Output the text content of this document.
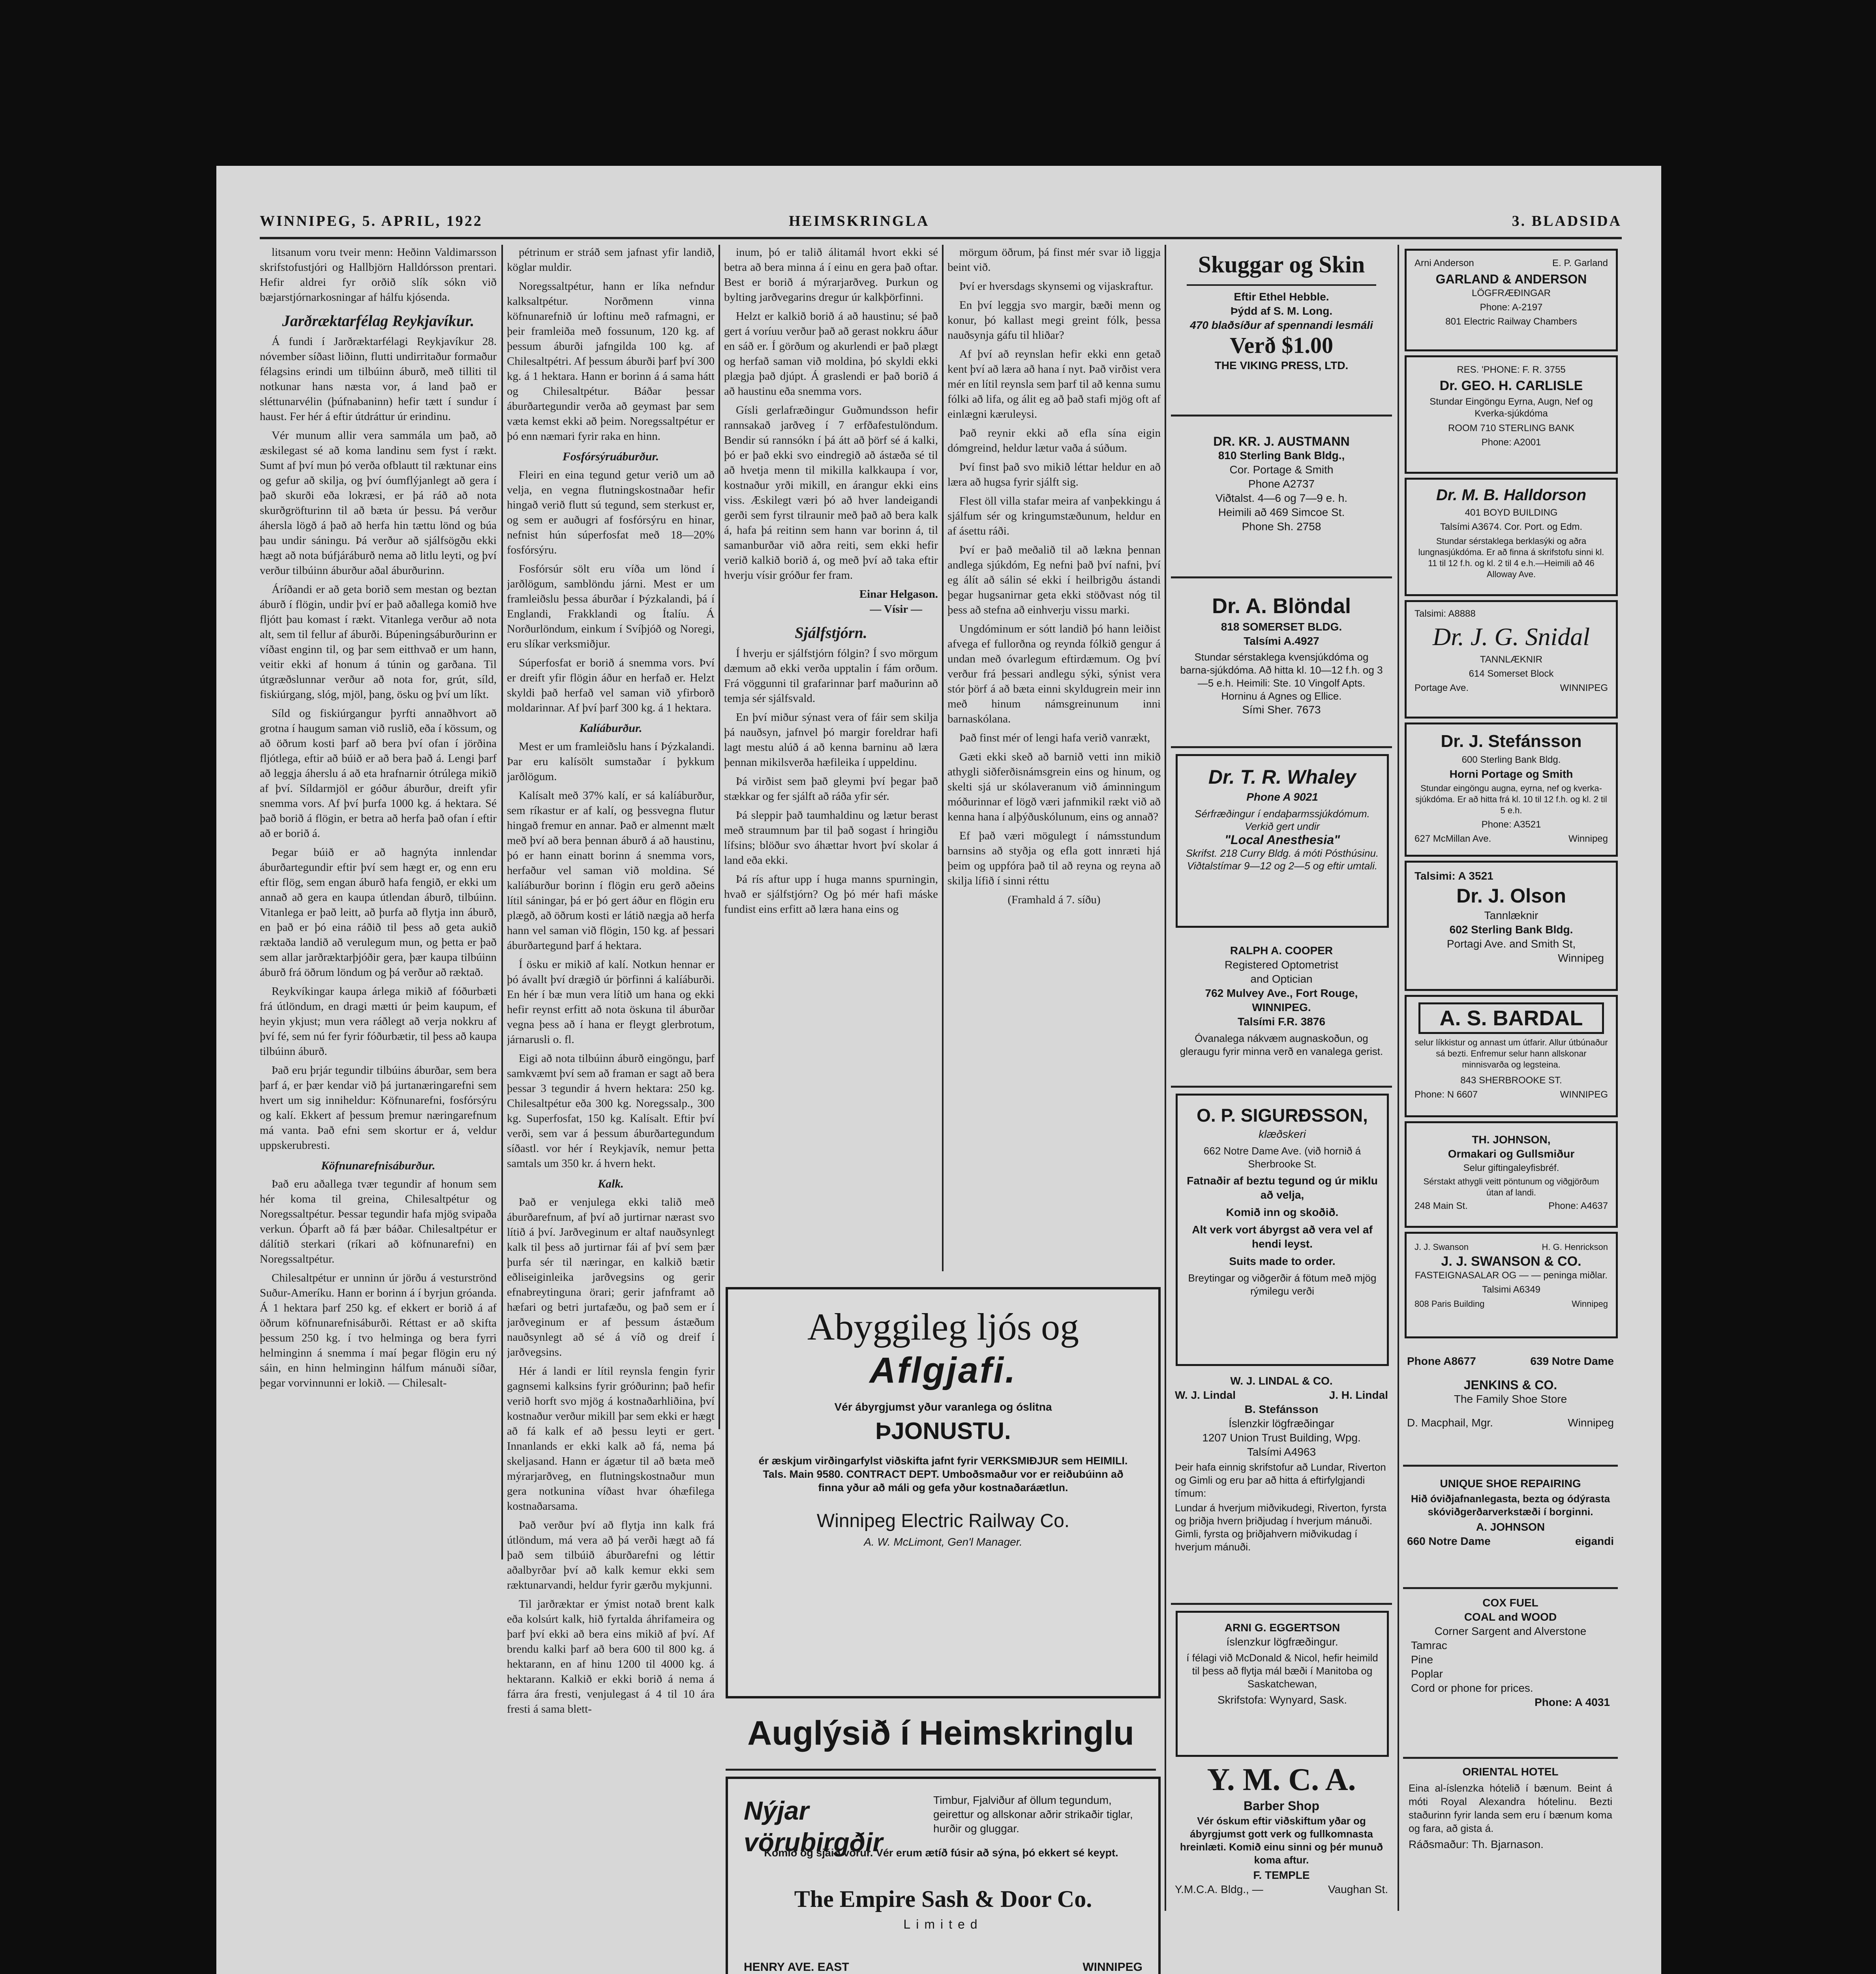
WINNIPEG, 5. APRIL, 1922	HEIMSKRINGLA	3. BLADSIDA

litsanum voru tveir menn: Heðinn Valdimarsson skrifstofustjóri og Hallbjörn Halldórsson prentari. Hefir aldrei fyr orðið slík sókn við bæjarstjórnarkosningar af hálfu kjósenda.

Jarðræktarfélag Reykjavíkur.

Á fundi í Jarðræktarfélagi Reykjavíkur 28. nóvember síðast liðinn, flutti undirritaður formaður félagsins erindi um tilbúinn áburð, með tilliti til notkunar hans næsta vor, á land það er sléttunarvélin (þúfnabaninn) hefir tætt í sundur í haust. Fer hér á eftir útdráttur úr erindinu.

Vér munum allir vera sammála um það, að æskilegast sé að koma landinu sem fyst í rækt. Sumt af því mun þó verða ofblautt til ræktunar eins og gefur að skilja, og því óumflýjanlegt að gera í það skurði eða lokræsi, er þá ráð að nota skurðgröfturinn til að bæta úr þessu. Þá verður áhersla lögð á það að herfa hin tættu lönd og búa þau undir sáningu. Þá verður að sjálfsögðu ekki hægt að nota búfjáráburð nema að litlu leyti, og því verður tilbúinn áburður aðal áburðurinn.

Áríðandi er að geta borið sem mestan og beztan áburð í flögin, undir því er það aðallega komið hve fljótt þau komast í rækt. Vitanlega verður að nota alt, sem til fellur af áburði. Búpeningsáburðurinn er víðast enginn til, og þar sem eitthvað er um hann, veitir ekki af honum á túnin og garðana. Til útgræðslunnar verður að nota for, grút, síld, fiskiúrgang, slóg, mjöl, þang, ösku og því um líkt.

Síld og fiskiúrgangur þyrfti annaðhvort að grotna í haugum saman við ruslið, eða í kössum, og að öðrum kosti þarf að bera því ofan í jörðina fljótlega, eftir að búið er að bera það á. Lengi þarf að leggja áherslu á að eta hrafnarnir ótrúlega mikið af því. Síldarmjöl er góður áburður, dreift yfir snemma vors. Af því þurfa 1000 kg. á hektara. Sé það borið á flögin, er betra að herfa það ofan í eftir að er borið á.

Þegar búið er að hagnýta innlendar áburðartegundir eftir því sem hægt er, og enn eru eftir flög, sem engan áburð hafa fengið, er ekki um annað að gera en kaupa útlendan áburð, tilbúinn. Vitanlega er það leitt, að þurfa að flytja inn áburð, en það er þó eina ráðið til þess að geta aukið ræktaða landið að verulegum mun, og þetta er það sem allar jarðræktarþjóðir gera, þær kaupa tilbúinn áburð frá öðrum löndum og þá verður að ræktað.

Reykvíkingar kaupa árlega mikið af fóðurbæti frá útlöndum, en dragi mætti úr þeim kaupum, ef heyin ykjust; mun vera ráðlegt að verja nokkru af því fé, sem nú fer fyrir fóðurbætir, til þess að kaupa tilbúinn áburð.

Það eru þrjár tegundir tilbúins áburðar, sem bera þarf á, er þær kendar við þá jurtanæringarefni sem hvert um sig inniheldur: Köfnunarefni, fosfórsýru og kalí. Ekkert af þessum þremur næringarefnum má vanta. Það efni sem skortur er á, veldur uppskerubresti.

Köfnunarefnisáburður.

Það eru aðallega tvær tegundir af honum sem hér koma til greina, Chilesaltpétur og Noregssaltpétur. Þessar tegundir hafa mjög svipaða verkun. Óþarft að fá þær báðar. Chilesaltpétur er dálítið sterkari (ríkari að köfnunarefni) en Noregssaltpétur.

Chilesaltpétur er unninn úr jörðu á vesturströnd Suður-Ameríku. Hann er borinn á í byrjun gróanda. Á 1 hektara þarf 250 kg. ef ekkert er borið á af öðrum köfnunarefnisáburði. Réttast er að skifta þessum 250 kg. í tvo helminga og bera fyrri helminginn á snemma í maí þegar flögin eru ný sáin, en hinn helminginn hálfum mánuði síðar, þegar vorvinnunni er lokið. — Chilesalt-

pétrinum er stráð sem jafnast yfir landið, köglar muldir.

Noregssaltpétur, hann er líka nefndur kalksaltpétur. Norðmenn vinna köfnunarefnið úr loftinu með rafmagni, er þeir framleiða með fossunum, 120 kg. af þessum áburði jafngilda 100 kg. af Chilesaltpétri. Af þessum áburði þarf því 300 kg. á 1 hektara. Hann er borinn á á sama hátt og Chilesaltpétur. Báðar þessar áburðartegundir verða að geymast þar sem væta kemst ekki að þeim. Noregssaltpétur er þó enn næmari fyrir raka en hinn.

Fosfórsýruáburður.

Fleiri en eina tegund getur verið um að velja, en vegna flutningskostnaðar hefir hingað verið flutt sú tegund, sem sterkust er, og sem er auðugri af fosfórsýru en hinar, nefnist hún súperfosfat með 18—20% fosfórsýru.

Fosfórsúr sölt eru víða um lönd í jarðlögum, samblöndu járni. Mest er um framleiðslu þessa áburðar í Þýzkalandi, þá í Englandi, Frakklandi og Ítalíu. Á Norðurlöndum, einkum í Svíþjóð og Noregi, eru slíkar verksmiðjur.

Súperfosfat er borið á snemma vors. Því er dreift yfir flögin áður en herfað er. Helzt skyldi það herfað vel saman við yfirborð moldarinnar. Af því þarf 300 kg. á 1 hektara.

Kalíáburður.

Mest er um framleiðslu hans í Þýzkalandi. Þar eru kalísölt sumstaðar í þykkum jarðlögum.

Kalísalt með 37% kalí, er sá kalíáburður, sem ríkastur er af kalí, og þessvegna flutur hingað fremur en annar. Það er almennt mælt með því að bera þennan áburð á að haustinu, þó er hann einatt borinn á snemma vors, herfaður vel saman við moldina. Sé kalíáburður borinn í flögin eru gerð aðeins lítil sáningar, þá er þó gert áður en flögin eru plægð, að öðrum kosti er látið nægja að herfa hann vel saman við flögin, 150 kg. af þessari áburðartegund þarf á hektara.

Í ösku er mikið af kalí. Notkun hennar er þó ávallt því drægið úr þörfinni á kalíáburði. En hér í bæ mun vera lítið um hana og ekki hefir reynst erfitt að nota öskuna til áburðar vegna þess að í hana er fleygt glerbrotum, járnarusli o. fl.

Eigi að nota tilbúinn áburð eingöngu, þarf samkvæmt því sem að framan er sagt að bera þessar 3 tegundir á hvern hektara: 250 kg. Chilesaltpétur eða 300 kg. Noregssalp., 300 kg. Superfosfat, 150 kg. Kalísalt. Eftir því verði, sem var á þessum áburðartegundum síðastl. vor hér í Reykjavík, nemur þetta samtals um 350 kr. á hvern hekt.

Kalk.

Það er venjulega ekki talið með áburðarefnum, af því að jurtirnar nærast svo lítið á því. Jarðveginum er altaf nauðsynlegt kalk til þess að jurtirnar fái af því sem þær þurfa sér til næringar, en kalkið bætir eðliseiginleika jarðvegsins og gerir efnabreytinguna örari; gerir jafnframt að hæfari og betri jurtafæðu, og það sem er í jarðveginum er af þessum ástæðum nauðsynlegt að sé á víð og dreif í jarðvegsins.

Hér á landi er lítil reynsla fengin fyrir gagnsemi kalksins fyrir gróðurinn; það hefir verið horft svo mjög á kostnaðarhliðina, því kostnaður verður mikill þar sem ekki er hægt að fá kalk ef að þessu leyti er gert. Innanlands er ekki kalk að fá, nema þá skeljasand. Hann er ágætur til að bæta með mýrarjarðveg, en flutningskostnaður mun gera notkunina víðast hvar óhæfilega kostnaðarsama.

Það verður því að flytja inn kalk frá útlöndum, má vera að þá verði hægt að fá það sem tilbúið áburðarefni og léttir aðalbyrðar því að kalk kemur ekki sem ræktunarvandi, heldur fyrir gærðu mykjunni.

Til jarðræktar er ýmist notað brent kalk eða kolsúrt kalk, hið fyrtalda áhrifameira og þarf því ekki að bera eins mikið af því. Af brendu kalki þarf að bera 600 til 800 kg. á hektarann, en af hinu 1200 til 4000 kg. á hektarann. Kalkið er ekki borið á nema á fárra ára fresti, venjulegast á 4 til 10 ára fresti á sama blett-

inum, þó er talið álitamál hvort ekki sé betra að bera minna á í einu en gera það oftar. Best er borið á mýrarjarðveg. Þurkun og bylting jarðvegarins dregur úr kalkþörfinni.

Helzt er kalkið borið á að haustinu; sé það gert á voríuu verður það að gerast nokkru áður en sáð er. Í görðum og akurlendi er það plægt og herfað saman við moldina, þó skyldi ekki plægja það djúpt. Á graslendi er það borið á að haustinu eða snemma vors.

Gísli gerlafræðingur Guðmundsson hefir rannsakað jarðveg í 7 erfðafestulöndum. Bendir sú rannsókn í þá átt að þörf sé á kalki, þó er það ekki svo eindregið að ástæða sé til að hvetja menn til mikilla kalkkaupa í vor, kostnaður yrði mikill, en árangur ekki eins viss. Æskilegt væri þó að hver landeigandi gerði sem fyrst tilraunir með það að bera kalk á, hafa þá reitinn sem hann var borinn á, til samanburðar við aðra reiti, sem ekki hefir verið kalkið borið á, og með því að taka eftir hverju vísir gróður fer fram.

Einar Helgason.
— Vísir —
Sjálfstjórn.

Í hverju er sjálfstjórn fólgin? Í svo mörgum dæmum að ekki verða upptalin í fám orðum. Frá vöggunni til grafarinnar þarf maðurinn að temja sér sjálfsvald.

En því miður sýnast vera of fáir sem skilja þá nauðsyn, jafnvel þó margir foreldrar hafi lagt mestu alúð á að kenna barninu að læra þennan mikilsverða hæfileika í uppeldinu.

Þá virðist sem það gleymi því þegar það stækkar og fer sjálft að ráða yfir sér.

Þá sleppir það taumhaldinu og lætur berast með straumnum þar til það sogast í hringiðu lífsins; blöður svo áhættar hvort því skolar á land eða ekki.

Þá rís aftur upp í huga manns spurningin, hvað er sjálfstjórn? Og þó mér hafi máske fundist eins erfitt að læra hana eins og

mörgum öðrum, þá finst mér svar ið liggja beint við.

Því er hversdags skynsemi og vijaskraftur.

En því leggja svo margir, bæði menn og konur, þó kallast megi greint fólk, þessa nauðsynja gáfu til hliðar?

Af því að reynslan hefir ekki enn getað kent því að læra að hana í nyt. Það virðist vera mér en lítil reynsla sem þarf til að kenna sumu fólki að lifa, og álit eg að það stafi mjög oft af einlægni kæruleysi.

Það reynir ekki að efla sína eigin dómgreind, heldur lætur vaða á súðum.

Því finst það svo mikið léttar heldur en að læra að hugsa fyrir sjálft sig.

Flest öll villa stafar meira af vanþekkingu á sjálfum sér og kringumstæðunum, heldur en af ásettu ráði.

Því er það meðalið til að lækna þennan andlega sjúkdóm, Eg nefni það því nafni, því eg álít að sálin sé ekki í heilbrigðu ástandi þegar hugsanirnar geta ekki stöðvast nóg til þess að stefna að einhverju vissu marki.

Ungdóminum er sótt landið þó hann leiðist afvega ef fullorðna og reynda fólkið gengur á undan með óvarlegum eftirdæmum. Og því verður frá þessari andlegu sýki, sýnist vera stór þörf á að bæta einni skyldugrein meir inn með hinum námsgreinunum inni barnaskólana.

Það finst mér of lengi hafa verið vanrækt,

Gæti ekki skeð að barnið vetti inn mikið athygli siðferðisnámsgrein eins og hinum, og skelti sjá ur skólaveranum við áminningum móðurinnar ef lögð væri jafnmikil rækt við að kenna hana í alþýðuskólunum, eins og annað?

Ef það væri mögulegt í námsstundum barnsins að styðja og efla gott innræti hjá þeim og uppfóra það til að reyna og reyna að skilja lífið í sinni réttu

(Framhald á 7. síðu)
Abyggileg ljós og
Aflgjafi.
Vér ábyrgjumst yður varanlega og óslitna
ÞJONUSTU.
ér æskjum virðingarfylst viðskifta jafnt fyrir VERKSMIÐJUR sem HEIMILI. Tals. Main 9580. CONTRACT DEPT. Umboðsmaður vor er reiðubúinn að finna yður að máli og gefa yður kostnaðaráætlun.
Winnipeg Electric Railway Co.
A. W. McLimont, Gen'l Manager.
Auglýsið í Heimskringlu
Nýjar vörubirgðir
Timbur, Fjalviður af öllum tegundum, geirettur og allskonar aðrir strikaðir tiglar, hurðir og gluggar.
Komið og sjáið vörur. Vér erum ætíð fúsir að sýna, þó ekkert sé keypt.
The Empire Sash & Door Co.
Limited
HENRY AVE. EAST	WINNIPEG
Skuggar og Skin
Eftir Ethel Hebble.
Þýdd af S. M. Long.
470 blaðsíður af spennandi lesmáli
Verð $1.00
THE VIKING PRESS, LTD.
DR. KR. J. AUSTMANN
810 Sterling Bank Bldg.,
Cor. Portage & Smith
Phone A2737
Viðtalst. 4—6 og 7—9 e. h.
Heimili að 469 Simcoe St.
Phone Sh. 2758
Dr. A. Blöndal
818 SOMERSET BLDG.
Talsími A.4927
Stundar sérstaklega kvensjúkdóma og barna-sjúkdóma. Að hitta kl. 10—12 f.h. og 3—5 e.h. Heimili: Ste. 10 Vingolf Apts. Horninu á Agnes og Ellice.
Sími Sher. 7673
Dr. T. R. Whaley
Phone A 9021
Sérfræðingur í endaþarmssjúkdómum. Verkið gert undir
"Local Anesthesia"
Skrifst. 218 Curry Bldg. á móti Pósthúsinu. Viðtalstímar 9—12 og 2—5 og eftir umtali.
RALPH A. COOPER
Registered Optometrist
and Optician
762 Mulvey Ave., Fort Rouge,
WINNIPEG.
Talsími F.R. 3876
Óvanalega nákvæm augnaskoðun, og gleraugu fyrir minna verð en vanalega gerist.
O. P. SIGURÐSSON,
klæðskeri
662 Notre Dame Ave. (við hornið á Sherbrooke St.
Fatnaðir af beztu tegund og úr miklu að velja,
Komið inn og skoðið.
Alt verk vort ábyrgst að vera vel af hendi leyst.
Suits made to order.
Breytingar og viðgerðir á fötum með mjög rýmilegu verði
W. J. LINDAL & CO.
W. J. Lindal	J. H. Lindal
B. Stefánsson
Íslenzkir lögfræðingar
1207 Union Trust Building, Wpg.
Talsími A4963
Þeir hafa einnig skrifstofur að Lundar, Riverton og Gimli og eru þar að hitta á eftirfylgjandi tímum:
Lundar á hverjum miðvikudegi, Riverton, fyrsta og þriðja hvern þriðjudag í hverjum mánuði. Gimli, fyrsta og þriðjahvern miðvikudag í hverjum mánuði.
ARNI G. EGGERTSON
íslenzkur lögfræðingur.
í félagi við McDonald & Nicol, hefir heimild til þess að flytja mál bæði í Manitoba og Saskatchewan,
Skrifstofa: Wynyard, Sask.
Y. M. C. A.
Barber Shop
Vér óskum eftir viðskiftum yðar og ábyrgjumst gott verk og fullkomnasta hreinlæti. Komið einu sinni og þér munuð koma aftur.
F. TEMPLE
Y.M.C.A. Bldg., —	Vaughan St.
Arni Anderson	E. P. Garland
GARLAND & ANDERSON
LÖGFRÆÐINGAR
Phone: A-2197
801 Electric Railway Chambers
RES. 'PHONE: F. R. 3755
Dr. GEO. H. CARLISLE
Stundar Eingöngu Eyrna, Augn, Nef og Kverka-sjúkdóma
ROOM 710 STERLING BANK
Phone: A2001
Dr. M. B. Halldorson
401 BOYD BUILDING
Talsími A3674. Cor. Port. og Edm.
Stundar sérstaklega berklasýki og aðra lungnasjúkdóma. Er að finna á skrifstofu sinni kl. 11 til 12 f.h. og kl. 2 til 4 e.h.—Heimili að 46 Alloway Ave.
Talsimi: A8888
Dr. J. G. Snidal
TANNLÆKNIR
614 Somerset Block
Portage Ave.	WINNIPEG
Dr. J. Stefánsson
600 Sterling Bank Bldg.
Horni Portage og Smith
Stundar eingöngu augna, eyrna, nef og kverka-sjúkdóma. Er að hitta frá kl. 10 til 12 f.h. og kl. 2 til 5 e.h.
Phone: A3521
627 McMillan Ave.	Winnipeg
Talsimi: A 3521
Dr. J. Olson
Tannlæknir
602 Sterling Bank Bldg.
Portagi Ave. and Smith St,
Winnipeg
A. S. BARDAL
selur líkkistur og annast um útfarir. Allur útbúnaður sá bezti. Enfremur selur hann allskonar minnisvarða og legsteina.
843 SHERBROOKE ST.
Phone: N 6607	WINNIPEG
TH. JOHNSON,
Ormakari og Gullsmiður
Selur giftingaleyfisbréf.
Sérstakt athygli veitt pöntunum og viðgjörðum útan af landi.
248 Main St.	Phone: A4637
J. J. Swanson	H. G. Henrickson
J. J. SWANSON & CO.
FASTEIGNASALAR OG — — peninga miðlar.
Talsimi A6349
808 Paris Building	Winnipeg
Phone A8677	639 Notre Dame
JENKINS & CO.
The Family Shoe Store
D. Macphail, Mgr.	Winnipeg
UNIQUE SHOE REPAIRING
Hið óviðjafnanlegasta, bezta og ódýrasta skóviðgerðarverkstæði í borginni.
A. JOHNSON
660 Notre Dame	eigandi
COX FUEL
COAL and WOOD
Corner Sargent and Alverstone
Tamrac
Pine
Poplar
Cord or phone for prices.
Phone: A 4031
ORIENTAL HOTEL
Eina al-íslenzka hótelið í bænum. Beint á móti Royal Alexandra hótelinu. Bezti staðurinn fyrir landa sem eru í bænum koma og fara, að gista á.
Ráðsmaður: Th. Bjarnason.
